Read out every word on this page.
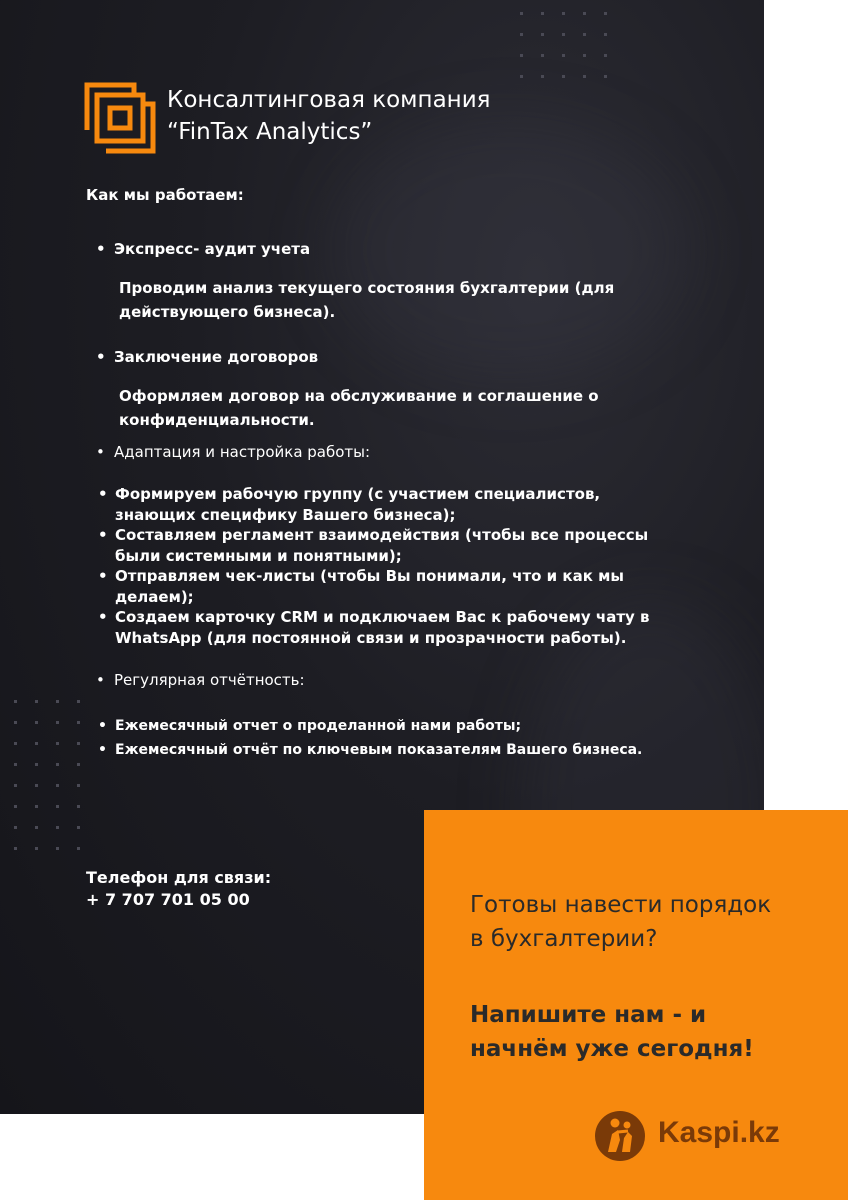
Консалтинговая компания
“FinTax Analytics”
Как мы работаем:
• Экспресс- аудит учета
Проводим анализ текущего состояния бухгалтерии (для
действующего бизнеса).
• Заключение договоров
Оформляем договор на обслуживание и соглашение о
конфиденциальности.
• Адаптация и настройка работы:
• Формируем рабочую группу (с участием специалистов,
знающих специфику Вашего бизнеса);
• Составляем регламент взаимодействия (чтобы все процессы
были системными и понятными);
• Отправляем чек-листы (чтобы Вы понимали, что и как мы
делаем);
• Создаем карточку CRM и подключаем Вас к рабочему чату в
WhatsApp (для постоянной связи и прозрачности работы).
• Регулярная отчётность:
• Ежемесячный отчет о проделанной нами работы;
• Ежемесячный отчёт по ключевым показателям Вашего бизнеса.
Телефон для связи:
+ 7 707 701 05 00	Готовы навести порядок
в бухгалтерии?
Напишите нам - и
начнём уже сегодня!
Kaspi.kz
